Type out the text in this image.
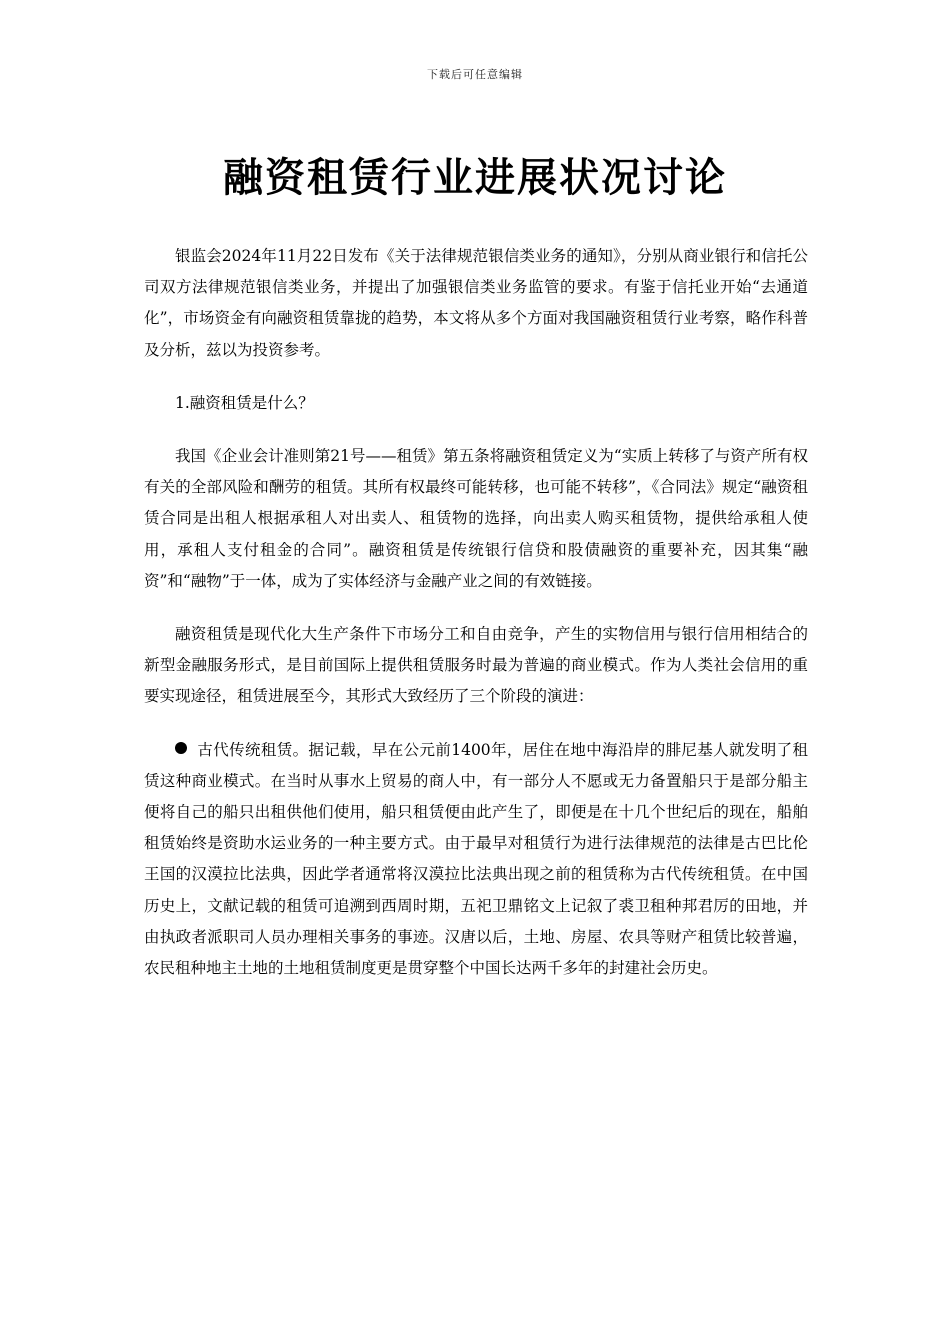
下载后可任意编辑
融资租赁行业进展状况讨论

银监会2024年11月22日发布《关于法律规范银信类业务的通知》，分别从商业银行和信托公司双方法律规范银信类业务，并提出了加强银信类业务监管的要求。有鉴于信托业开始“去通道化”，市场资金有向融资租赁靠拢的趋势，本文将从多个方面对我国融资租赁行业考察，略作科普及分析，兹以为投资参考。

1.融资租赁是什么？

我国《企业会计准则第21号——租赁》第五条将融资租赁定义为“实质上转移了与资产所有权有关的全部风险和酬劳的租赁。其所有权最终可能转移，也可能不转移”，《合同法》规定“融资租赁合同是出租人根据承租人对出卖人、租赁物的选择，向出卖人购买租赁物，提供给承租人使用，承租人支付租金的合同”。融资租赁是传统银行信贷和股债融资的重要补充，因其集“融资”和“融物”于一体，成为了实体经济与金融产业之间的有效链接。

融资租赁是现代化大生产条件下市场分工和自由竞争，产生的实物信用与银行信用相结合的新型金融服务形式，是目前国际上提供租赁服务时最为普遍的商业模式。作为人类社会信用的重要实现途径，租赁进展至今，其形式大致经历了三个阶段的演进：

古代传统租赁。据记载，早在公元前1400年，居住在地中海沿岸的腓尼基人就发明了租赁这种商业模式。在当时从事水上贸易的商人中，有一部分人不愿或无力备置船只于是部分船主便将自己的船只出租供他们使用，船只租赁便由此产生了，即便是在十几个世纪后的现在，船舶租赁始终是资助水运业务的一种主要方式。由于最早对租赁行为进行法律规范的法律是古巴比伦王国的汉漠拉比法典，因此学者通常将汉漠拉比法典出现之前的租赁称为古代传统租赁。在中国历史上，文献记载的租赁可追溯到西周时期，五祀卫鼎铭文上记叙了裘卫租种邦君厉的田地，并由执政者派职司人员办理相关事务的事迹。汉唐以后，土地、房屋、农具等财产租赁比较普遍，农民租种地主土地的土地租赁制度更是贯穿整个中国长达两千多年的封建社会历史。
